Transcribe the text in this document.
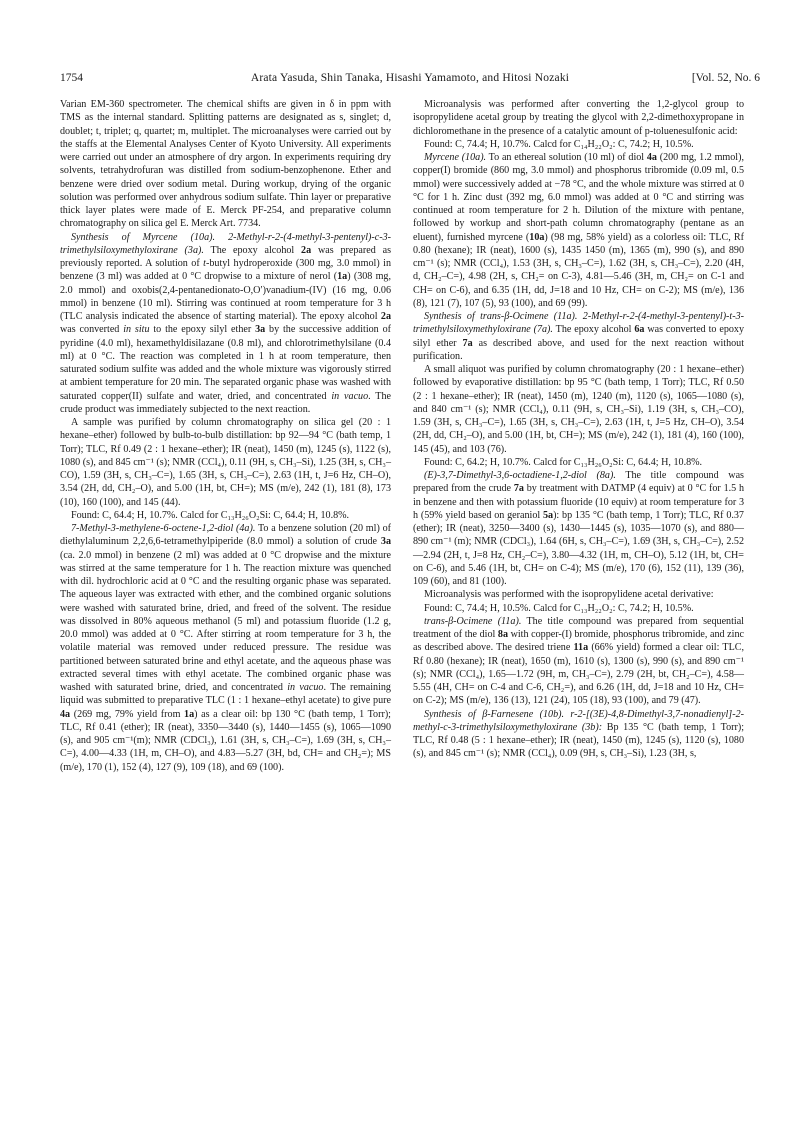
1754	Arata Yasuda, Shin Tanaka, Hisashi Yamamoto, and Hitosi Nozaki	[Vol. 52, No. 6

Varian EM-360 spectrometer. The chemical shifts are given in δ in ppm with TMS as the internal standard. Splitting patterns are designated as s, singlet; d, doublet; t, triplet; q, quartet; m, multiplet. The microanalyses were carried out by the staffs at the Elemental Analyses Center of Kyoto University. All experiments were carried out under an atmosphere of dry argon. In experiments requiring dry solvents, tetrahydrofuran was distilled from sodium-benzophenone. Ether and benzene were dried over sodium metal. During workup, drying of the organic solution was performed over anhydrous sodium sulfate. Thin layer or preparative thick layer plates were made of E. Merck PF-254, and preparative column chromatography on silica gel E. Merck Art. 7734.

Synthesis of Myrcene (10a). 2-Methyl-r-2-(4-methyl-3-pentenyl)-c-3-trimethylsiloxymethyloxirane (3a). The epoxy alcohol 2a was prepared as previously reported. A solution of t-butyl hydroperoxide (300 mg, 3.0 mmol) in benzene (3 ml) was added at 0 °C dropwise to a mixture of nerol (1a) (308 mg, 2.0 mmol) and oxobis(2,4-pentanedionato-O,O′)vanadium-(IV) (16 mg, 0.06 mmol) in benzene (10 ml). Stirring was continued at room temperature for 3 h (TLC analysis indicated the absence of starting material). The epoxy alcohol 2a was converted in situ to the epoxy silyl ether 3a by the successive addition of pyridine (4.0 ml), hexamethyldisilazane (0.8 ml), and chlorotrimethylsilane (0.4 ml) at 0 °C. The reaction was completed in 1 h at room temperature, then saturated sodium sulfite was added and the whole mixture was vigorously stirred at ambient temperature for 20 min. The separated organic phase was washed with saturated copper(II) sulfate and water, dried, and concentrated in vacuo. The crude product was immediately subjected to the next reaction.

A sample was purified by column chromatography on silica gel (20 : 1 hexane–ether) followed by bulb-to-bulb distillation: bp 92—94 °C (bath temp, 1 Torr); TLC, Rf 0.49 (2 : 1 hexane–ether); IR (neat), 1450 (m), 1245 (s), 1122 (s), 1080 (s), and 845 cm⁻¹ (s); NMR (CCl₄), 0.11 (9H, s, CH₃–Si), 1.25 (3H, s, CH₃–CO), 1.59 (3H, s, CH₃–C=), 1.65 (3H, s, CH₃–C=), 2.63 (1H, t, J=6 Hz, CH–O), 3.54 (2H, dd, CH₂–O), and 5.00 (1H, bt, CH=); MS (m/e), 242 (1), 181 (8), 173 (10), 160 (100), and 145 (44).

Found: C, 64.4; H, 10.7%. Calcd for C₁₃H₂₆O₂Si: C, 64.4; H, 10.8%.

7-Methyl-3-methylene-6-octene-1,2-diol (4a). To a benzene solution (20 ml) of diethylaluminum 2,2,6,6-tetramethylpiperide (8.0 mmol) a solution of crude 3a (ca. 2.0 mmol) in benzene (2 ml) was added at 0 °C dropwise and the mixture was stirred at the same temperature for 1 h. The reaction mixture was quenched with dil. hydrochloric acid at 0 °C and the resulting organic phase was separated. The aqueous layer was extracted with ether, and the combined organic solutions were washed with saturated brine, dried, and freed of the solvent. The residue was dissolved in 80% aqueous methanol (5 ml) and potassium fluoride (1.2 g, 20.0 mmol) was added at 0 °C. After stirring at room temperature for 3 h, the volatile material was removed under reduced pressure. The residue was partitioned between saturated brine and ethyl acetate, and the aqueous phase was extracted several times with ethyl acetate. The combined organic phase was washed with saturated brine, dried, and concentrated in vacuo. The remaining liquid was submitted to preparative TLC (1 : 1 hexane–ethyl acetate) to give pure 4a (269 mg, 79% yield from 1a) as a clear oil: bp 130 °C (bath temp, 1 Torr); TLC, Rf 0.41 (ether); IR (neat), 3350—3440 (s), 1440—1455 (s), 1065—1090 (s), and 905 cm⁻¹(m); NMR (CDCl₃), 1.61 (3H, s, CH₃–C=), 1.69 (3H, s, CH₃–C=), 4.00—4.33 (1H, m, CH–O), and 4.83—5.27 (3H, bd, CH= and CH₂=); MS (m/e), 170 (1), 152 (4), 127 (9), 109 (18), and 69 (100).

Microanalysis was performed after converting the 1,2-glycol group to isopropylidene acetal group by treating the glycol with 2,2-dimethoxypropane in dichloromethane in the presence of a catalytic amount of p-toluenesulfonic acid:

Found: C, 74.4; H, 10.7%. Calcd for C₁₄H₂₂O₂: C, 74.2; H, 10.5%.

Myrcene (10a). To an ethereal solution (10 ml) of diol 4a (200 mg, 1.2 mmol), copper(I) bromide (860 mg, 3.0 mmol) and phosphorus tribromide (0.09 ml, 0.5 mmol) were successively added at −78 °C, and the whole mixture was stirred at 0 °C for 1 h. Zinc dust (392 mg, 6.0 mmol) was added at 0 °C and stirring was continued at room temperature for 2 h. Dilution of the mixture with pentane, followed by workup and short-path column chromatography (pentane as an eluent), furnished myrcene (10a) (98 mg, 58% yield) as a colorless oil: TLC, Rf 0.80 (hexane); IR (neat), 1600 (s), 1435 1450 (m), 1365 (m), 990 (s), and 890 cm⁻¹ (s); NMR (CCl₄), 1.53 (3H, s, CH₃–C=), 1.62 (3H, s, CH₃–C=), 2.20 (4H, d, CH₂–C=), 4.98 (2H, s, CH₂= on C-3), 4.81—5.46 (3H, m, CH₂= on C-1 and CH= on C-6), and 6.35 (1H, dd, J=18 and 10 Hz, CH= on C-2); MS (m/e), 136 (8), 121 (7), 107 (5), 93 (100), and 69 (99).

Synthesis of trans-β-Ocimene (11a). 2-Methyl-r-2-(4-methyl-3-pentenyl)-t-3-trimethylsiloxymethyloxirane (7a). The epoxy alcohol 6a was converted to epoxy silyl ether 7a as described above, and used for the next reaction without purification.

A small aliquot was purified by column chromatography (20 : 1 hexane–ether) followed by evaporative distillation: bp 95 °C (bath temp, 1 Torr); TLC, Rf 0.50 (2 : 1 hexane–ether); IR (neat), 1450 (m), 1240 (m), 1120 (s), 1065—1080 (s), and 840 cm⁻¹ (s); NMR (CCl₄), 0.11 (9H, s, CH₃–Si), 1.19 (3H, s, CH₃–CO), 1.59 (3H, s, CH₃–C=), 1.65 (3H, s, CH₃–C=), 2.63 (1H, t, J=5 Hz, CH–O), 3.54 (2H, dd, CH₂–O), and 5.00 (1H, bt, CH=); MS (m/e), 242 (1), 181 (4), 160 (100), 145 (45), and 103 (76).

Found: C, 64.2; H, 10.7%. Calcd for C₁₃H₂₆O₂Si: C, 64.4; H, 10.8%.

(E)-3,7-Dimethyl-3,6-octadiene-1,2-diol (8a). The title compound was prepared from the crude 7a by treatment with DATMP (4 equiv) at 0 °C for 1.5 h in benzene and then with potassium fluoride (10 equiv) at room temperature for 3 h (59% yield based on geraniol 5a): bp 135 °C (bath temp, 1 Torr); TLC, Rf 0.37 (ether); IR (neat), 3250—3400 (s), 1430—1445 (s), 1035—1070 (s), and 880—890 cm⁻¹ (m); NMR (CDCl₃), 1.64 (6H, s, CH₃–C=), 1.69 (3H, s, CH₃–C=), 2.52—2.94 (2H, t, J=8 Hz, CH₂–C=), 3.80—4.32 (1H, m, CH–O), 5.12 (1H, bt, CH= on C-6), and 5.46 (1H, bt, CH= on C-4); MS (m/e), 170 (6), 152 (11), 139 (36), 109 (60), and 81 (100).

Microanalysis was performed with the isopropylidene acetal derivative:

Found: C, 74.4; H, 10.5%. Calcd for C₁₃H₂₂O₂: C, 74.2; H, 10.5%.

trans-β-Ocimene (11a). The title compound was prepared from sequential treatment of the diol 8a with copper-(I) bromide, phosphorus tribromide, and zinc as described above. The desired triene 11a (66% yield) formed a clear oil: TLC, Rf 0.80 (hexane); IR (neat), 1650 (m), 1610 (s), 1300 (s), 990 (s), and 890 cm⁻¹ (s); NMR (CCl₄), 1.65—1.72 (9H, m, CH₃–C=), 2.79 (2H, bt, CH₂–C=), 4.58—5.55 (4H, CH= on C-4 and C-6, CH₂=), and 6.26 (1H, dd, J=18 and 10 Hz, CH= on C-2); MS (m/e), 136 (13), 121 (24), 105 (18), 93 (100), and 79 (47).

Synthesis of β-Farnesene (10b). r-2-[(3E)-4,8-Dimethyl-3,7-nonadienyl]-2-methyl-c-3-trimethylsiloxymethyloxirane (3b): Bp 135 °C (bath temp, 1 Torr); TLC, Rf 0.48 (5 : 1 hexane–ether); IR (neat), 1450 (m), 1245 (s), 1120 (s), 1080 (s), and 845 cm⁻¹ (s); NMR (CCl₄), 0.09 (9H, s, CH₃–Si), 1.23 (3H, s,
